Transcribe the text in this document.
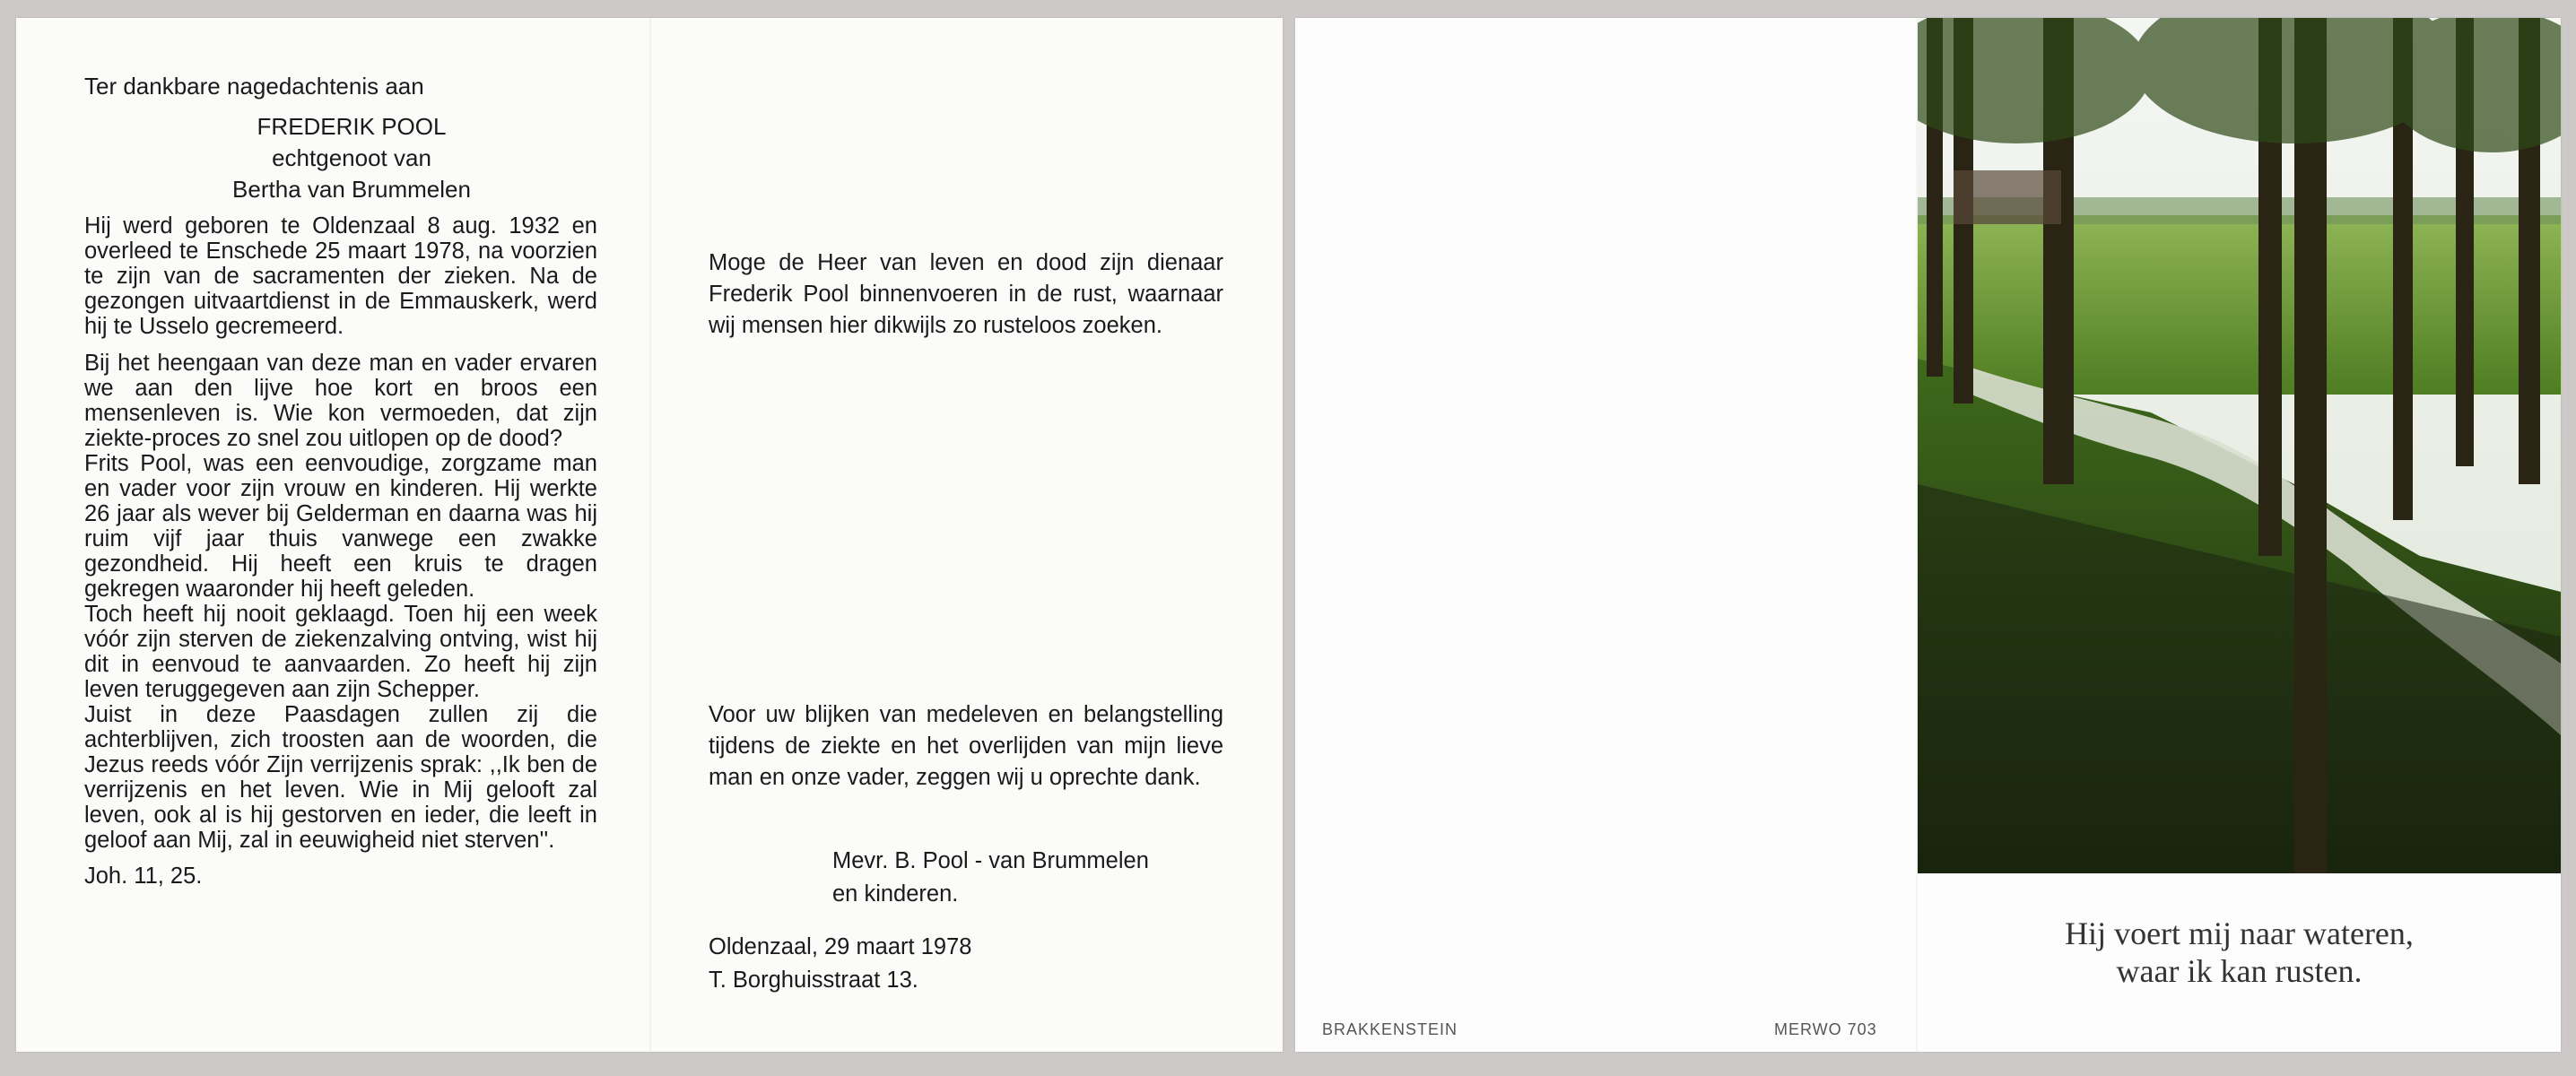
Ter dankbare nagedachtenis aan
FREDERIK POOL
echtgenoot van
Bertha van Brummelen

Hij werd geboren te Oldenzaal 8 aug. 1932 en overleed te Enschede 25 maart 1978, na voorzien te zijn van de sacramenten der zieken. Na de gezongen uitvaartdienst in de Emmauskerk, werd hij te Usselo gecremeerd.

Bij het heengaan van deze man en vader ervaren we aan den lijve hoe kort en broos een mensenleven is. Wie kon vermoeden, dat zijn ziekte-proces zo snel zou uitlopen op de dood?

Frits Pool, was een eenvoudige, zorgzame man en vader voor zijn vrouw en kinderen. Hij werkte 26 jaar als wever bij Gelderman en daarna was hij ruim vijf jaar thuis vanwege een zwakke gezondheid. Hij heeft een kruis te dragen gekregen waaronder hij heeft geleden.

Toch heeft hij nooit geklaagd. Toen hij een week vóór zijn sterven de ziekenzalving ontving, wist hij dit in eenvoud te aanvaarden. Zo heeft hij zijn leven teruggegeven aan zijn Schepper.

Juist in deze Paasdagen zullen zij die achterblijven, zich troosten aan de woorden, die Jezus reeds vóór Zijn verrijzenis sprak: ,,Ik ben de verrijzenis en het leven. Wie in Mij gelooft zal leven, ook al is hij gestorven en ieder, die leeft in geloof aan Mij, zal in eeuwigheid niet sterven''.

Joh. 11, 25.
Moge de Heer van leven en dood zijn dienaar Frederik Pool binnenvoeren in de rust, waarnaar wij mensen hier dikwijls zo rusteloos zoeken.
Voor uw blijken van medeleven en belangstelling tijdens de ziekte en het overlijden van mijn lieve man en onze vader, zeggen wij u oprechte dank.
Mevr. B. Pool - van Brummelen
en kinderen.
Oldenzaal, 29 maart 1978
T. Borghuisstraat 13.
Hij voert mij naar wateren,
waar ik kan rusten.
BRAKKENSTEIN	MERWO 703
